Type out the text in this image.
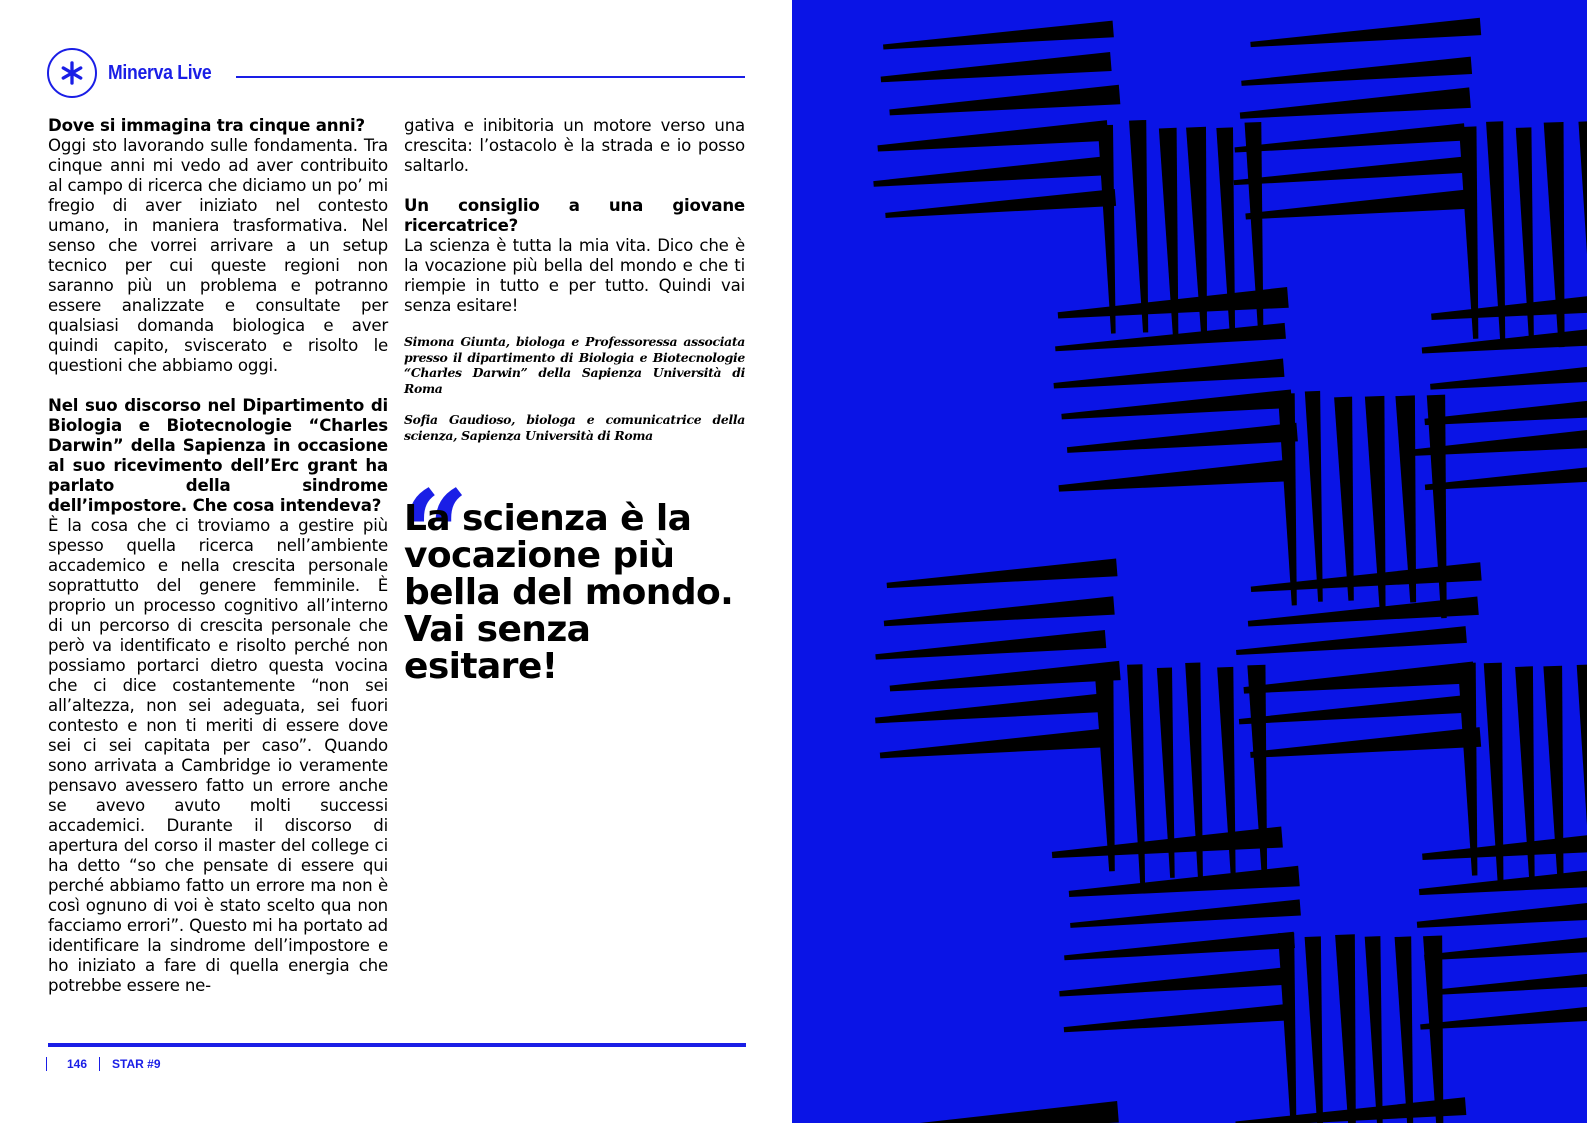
Minerva Live

Dove si immagina tra cinque anni?

Oggi sto lavorando sulle fondamenta. Tra cinque anni mi vedo ad aver contribuito al campo di ricerca che diciamo un po’ mi fregio di aver iniziato nel contesto umano, in maniera trasformativa. Nel senso che vorrei arrivare a un setup tecnico per cui queste regioni non saranno più un problema e potranno essere analizzate e consultate per qualsiasi domanda biologica e aver quindi capito, sviscerato e risolto le questioni che abbiamo oggi.

Nel suo discorso nel Dipartimento di Biologia e Biotecnologie “Charles Darwin” della Sapienza in occasione al suo ricevimento dell’Erc grant ha parlato della sindrome dell’impostore. Che cosa intendeva?

È la cosa che ci troviamo a gestire più spesso quella ricerca nell’ambiente accademico e nella crescita personale soprattutto del genere femminile. È proprio un processo cognitivo all’interno di un percorso di crescita personale che però va identificato e risolto perché non possiamo portarci dietro questa vocina che ci dice costantemente “non sei all’altezza, non sei adeguata, sei fuori contesto e non ti meriti di essere dove sei ci sei capitata per caso”. Quando sono arrivata a Cambridge io veramente pensavo avessero fatto un errore anche se avevo avuto molti successi accademici. Durante il discorso di apertura del corso il master del college ci ha detto “so che pensate di essere qui perché abbiamo fatto un errore ma non è così ognuno di voi è stato scelto qua non facciamo errori”. Questo mi ha portato ad identificare la sindrome dell’impostore e ho iniziato a fare di quella energia che potrebbe essere ne-

gativa e inibitoria un motore verso una crescita: l’ostacolo è la strada e io posso saltarlo.

Un consiglio a una giovane ricercatrice?

La scienza è tutta la mia vita. Dico che è la vocazione più bella del mondo e che ti riempie in tutto e per tutto. Quindi vai senza esitare!

Simona Giunta, biologa e Professoressa associata presso il dipartimento di Biologia e Biotecnologie “Charles Darwin” della Sapienza Università di Roma

Sofia Gaudioso, biologa e comunicatrice della scienza, Sapienza Università di Roma

“
La scienza è la vocazione più bella del mondo. Vai senza esitare!
146 STAR #9
